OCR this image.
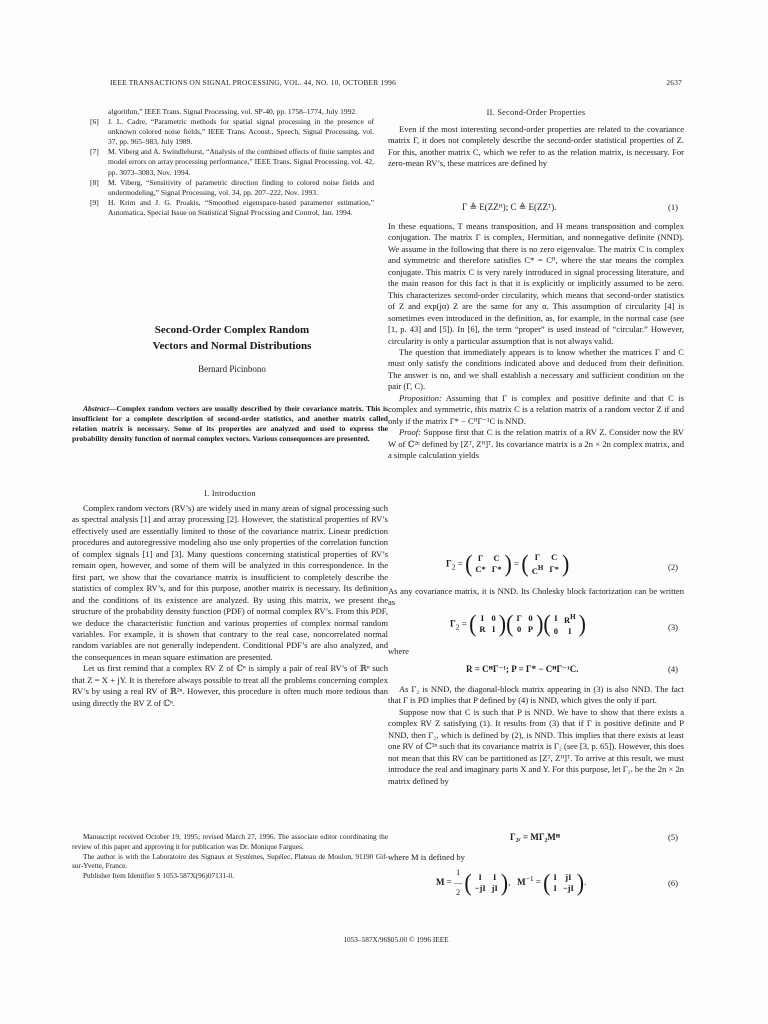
IEEE TRANSACTIONS ON SIGNAL PROCESSING, VOL. 44, NO. 10, OCTOBER 1996	2637
algorithm,” IEEE Trans. Signal Processing, vol. SP-40, pp. 1758–1774, July 1992.
[6] J. L. Cadre, “Parametric methods for spatial signal processing in the presence of unknown colored noise fields,” IEEE Trans. Acoust., Speech, Signal Processing, vol. 37, pp. 965–983, July 1989.
[7] M. Viberg and A. Swindlehurst, “Analysis of the combined effects of finite samples and model errors on array processing performance,” IEEE Trans. Signal Processing, vol. 42, pp. 3073–3083, Nov. 1994.
[8] M. Viberg, “Sensitivity of parametric direction finding to colored noise fields and undermodeling,” Signal Processing, vol. 34, pp. 207–222, Nov. 1993.
[9] H. Krim and J. G. Proakis, “Smoothed eigenspace-based paramerter estimation,” Automatica, Special Issue on Statistical Signal Procssing and Control, Jan. 1994.
Second-Order Complex Random
Vectors and Normal Distributions
Bernard Picinbono
Abstract—Complex random vectors are usually described by their covariance matrix. This is insufficient for a complete description of second-order statistics, and another matrix called relation matrix is necessary. Some of its properties are analyzed and used to express the probability density function of normal complex vectors. Various consequences are presented.
I. Introduction

Complex random vectors (RV’s) are widely used in many areas of signal processing such as spectral analysis [1] and array processing [2]. However, the statistical properties of RV’s effectively used are essentially limited to those of the covariance matrix. Linear prediction procedures and autoregressive modeling also use only properties of the correlation function of complex signals [1] and [3]. Many questions concerning statistical properties of RV’s remain open, however, and some of them will be analyzed in this correspondence. In the first part, we show that the covariance matrix is insufficient to completely describe the statistics of complex RV’s, and for this purpose, another matrix is necessary. Its definition and the conditions of its existence are analyzed. By using this matrix, we present the structure of the probability density function (PDF) of normal complex RV’s. From this PDF, we deduce the characteristic function and various properties of complex normal random variables. For example, it is shown that contrary to the real case, noncorrelated normal random variables are not generally independent. Conditional PDF’s are also analyzed, and the consequences in mean square estimation are presented.

Let us first remind that a complex RV Z of ℂⁿ is simply a pair of real RV’s of ℝⁿ such that Z = X + jY. It is therefore always possible to treat all the problems concerning complex RV’s by using a real RV of ℝ²ⁿ. However, this procedure is often much more tedious than using directly the RV Z of ℂⁿ.

Manuscript received October 19, 1995; revised March 27, 1996. The associate editor coordinating the review of this paper and approving it for publication was Dr. Monique Fargues.

The author is with the Laboratoire des Signaux et Systèmes, Supélec, Plateau de Moulon, 91190 Gif-sur-Yvette, France.

Publisher Item Identifier S 1053-587X(96)07131-0.

II. Second-Order Properties

Even if the most interesting second-order properties are related to the covariance matrix Γ, it does not completely describe the second-order statistical properties of Z. For this, another matrix C, which we refer to as the relation matrix, is necessary. For zero-mean RV’s, these matrices are defined by

Γ ≜ E(ZZᴴ); C ≜ E(ZZᵀ).	(1)

In these equations, T means transposition, and H means transposition and complex conjugation. The matrix Γ is complex, Hermitian, and nonnegative definite (NND). We assume in the following that there is no zero eigenvalue. The matrix C is complex and symmetric and therefore satisfies C* = Cᴴ, where the star means the complex conjugate. This matrix C is very rarely introduced in signal processing literature, and the main reason for this fact is that it is explicitly or implicitly assumed to be zero. This characterizes second-order circularity, which means that second-order statistics of Z and exp(jα) Z are the same for any α. This assumption of circularity [4] is sometimes even introduced in the definition, as, for example, in the normal case (see [1, p. 43] and [5]). In [6], the term “proper” is used instead of “circular.” However, circularity is only a particular assumption that is not always valid.

The question that immediately appears is to know whether the matrices Γ and C must only satisfy the conditions indicated above and deduced from their definition. The answer is no, and we shall establish a necessary and sufficient condition on the pair (Γ, C).

Proposition: Assuming that Γ is complex and positive definite and that C is complex and symmetric, this matrix C is a relation matrix of a random vector Z if and only if the matrix Γ* − CᴴΓ⁻¹C is NND.

Proof: Suppose first that C is the relation matrix of a RV Z. Consider now the RV W of ℂ²ⁿ defined by [Zᵀ, Zᴴ]ᵀ. Its covariance matrix is a 2n × 2n complex matrix, and a simple calculation yields

$\Gamma_2$ = ( Γ	C
C*	Γ* ) = ( Γ	C
$C^H$	Γ* )	(2)

As any covariance matrix, it is NND. Its Cholesky block factorization can be written as

$\Gamma_2$ = ( I	0
R	I ) ( Γ	0
0	P ) ( I	$R^H$
0	I )	(3)

where

R = CᴴΓ⁻¹; P = Γ* − CᴴΓ⁻¹C.	(4)

As Γ₂ is NND, the diagonal-block matrix appearing in (3) is also NND. The fact that Γ is PD implies that P defined by (4) is NND, which gives the only if part.

Suppose now that C is such that P is NND. We have to show that there exists a complex RV Z satisfying (1). It results from (3) that if Γ is positive definite and P NND, then Γ₂, which is defined by (2), is NND. This implies that there exists at least one RV of ℂ²ⁿ such that its covariance matrix is Γ₂ (see [3, p. 65]). However, this does not mean that this RV can be partitioned as [Zᵀ, Zᴴ]ᵀ. To arrive at this result, we must introduce the real and imaginary parts X and Y. For this purpose, let Γ₂ᵣ be the 2n × 2n matrix defined by

Γ₂ᵣ = MΓ₂Mᴴ	(5)

where M is defined by

M = 1
—
2 ( I	I
−jI	jI ) ,   $M^{-1}$ = ( I	jI
I	−jI ) .	(6)
1053–587X/96$05.00 © 1996 IEEE
